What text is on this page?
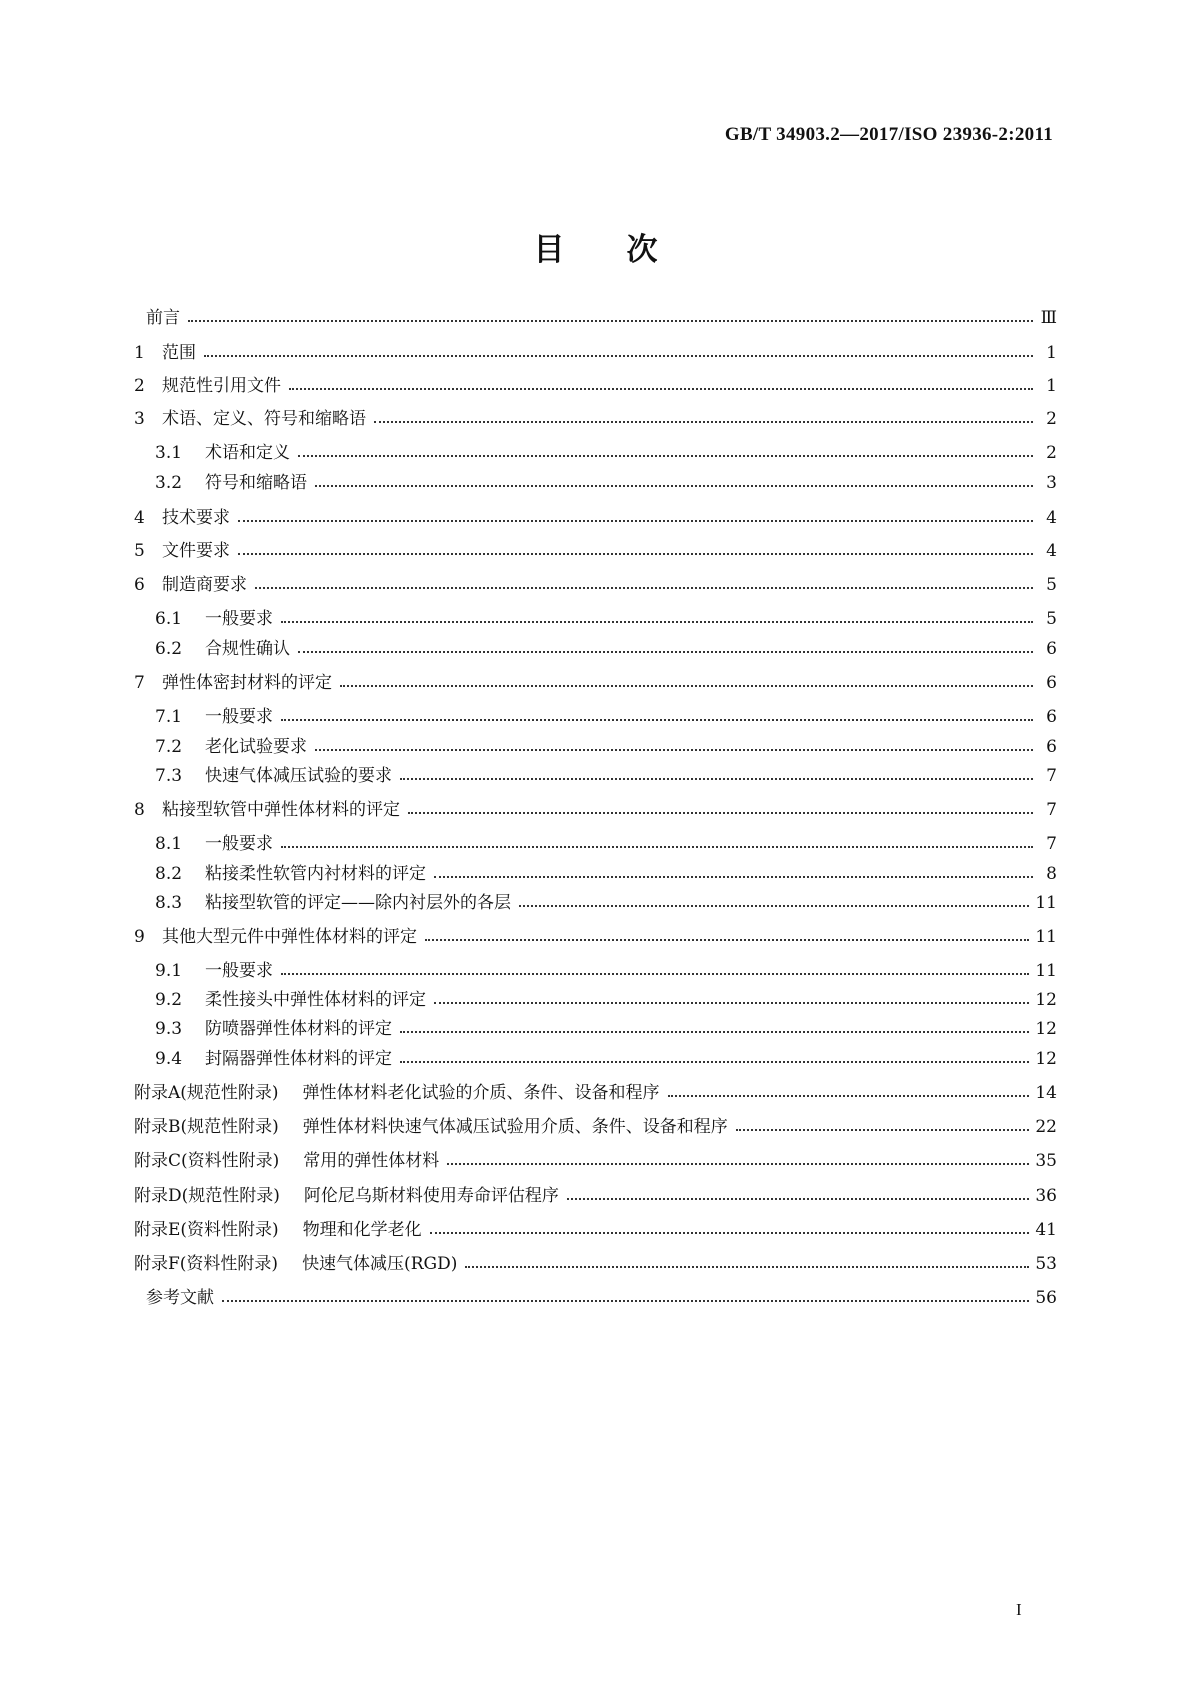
GB/T 34903.2—2017/ISO 23936-2:2011
目次
前言	Ⅲ
1 范围	1
2 规范性引用文件	1
3 术语、定义、符号和缩略语	2
3.1	术语和定义	2
3.2	符号和缩略语	3
4 技术要求	4
5 文件要求	4
6 制造商要求	5
6.1	一般要求	5
6.2	合规性确认	6
7 弹性体密封材料的评定	6
7.1	一般要求	6
7.2	老化试验要求	6
7.3	快速气体减压试验的要求	7
8 粘接型软管中弹性体材料的评定	7
8.1	一般要求	7
8.2	粘接柔性软管内衬材料的评定	8
8.3	粘接型软管的评定——除内衬层外的各层	11
9 其他大型元件中弹性体材料的评定	11
9.1	一般要求	11
9.2	柔性接头中弹性体材料的评定	12
9.3	防喷器弹性体材料的评定	12
9.4	封隔器弹性体材料的评定	12
附录A(规范性附录) 弹性体材料老化试验的介质、条件、设备和程序	14
附录B(规范性附录) 弹性体材料快速气体减压试验用介质、条件、设备和程序	22
附录C(资料性附录) 常用的弹性体材料	35
附录D(规范性附录) 阿伦尼乌斯材料使用寿命评估程序	36
附录E(资料性附录) 物理和化学老化	41
附录F(资料性附录) 快速气体减压(RGD)	53
参考文献	56
I
